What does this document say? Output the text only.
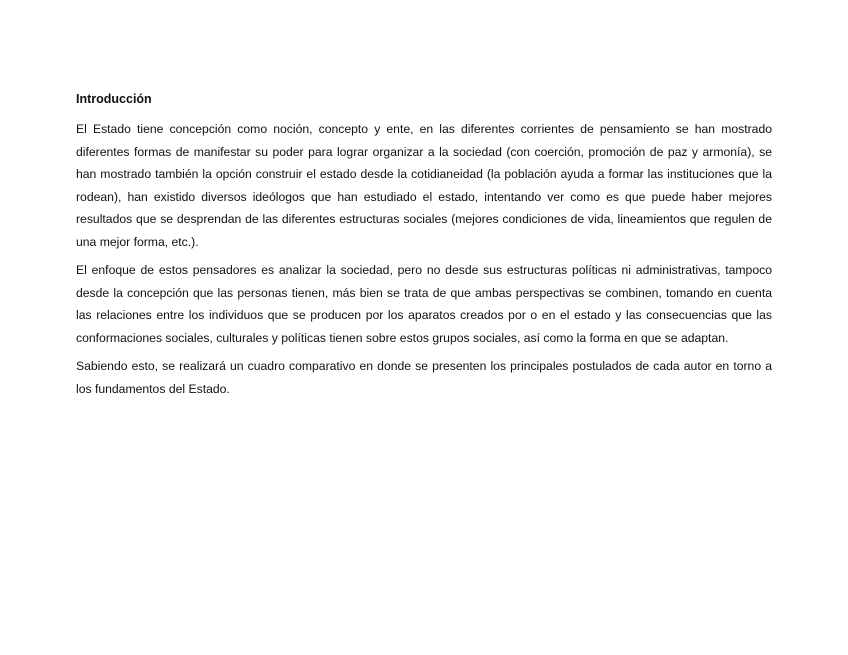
Introducción

El Estado tiene concepción como noción, concepto y ente, en las diferentes corrientes de pensamiento se han mostrado diferentes formas de manifestar su poder para lograr organizar a la sociedad (con coerción, promoción de paz y armonía), se han mostrado también la opción construir el estado desde la cotidianeidad (la población ayuda a formar las instituciones que la rodean), han existido diversos ideólogos que han estudiado el estado, intentando ver como es que puede haber mejores resultados que se desprendan de las diferentes estructuras sociales (mejores condiciones de vida, lineamientos que regulen de una mejor forma, etc.).

El enfoque de estos pensadores es analizar la sociedad, pero no desde sus estructuras políticas ni administrativas, tampoco desde la concepción que las personas tienen, más bien se trata de que ambas perspectivas se combinen, tomando en cuenta las relaciones entre los individuos que se producen por los aparatos creados por o en el estado y las consecuencias que las conformaciones sociales, culturales y políticas tienen sobre estos grupos sociales, así como la forma en que se adaptan.

Sabiendo esto, se realizará un cuadro comparativo en donde se presenten los principales postulados de cada autor en torno a los fundamentos del Estado.
